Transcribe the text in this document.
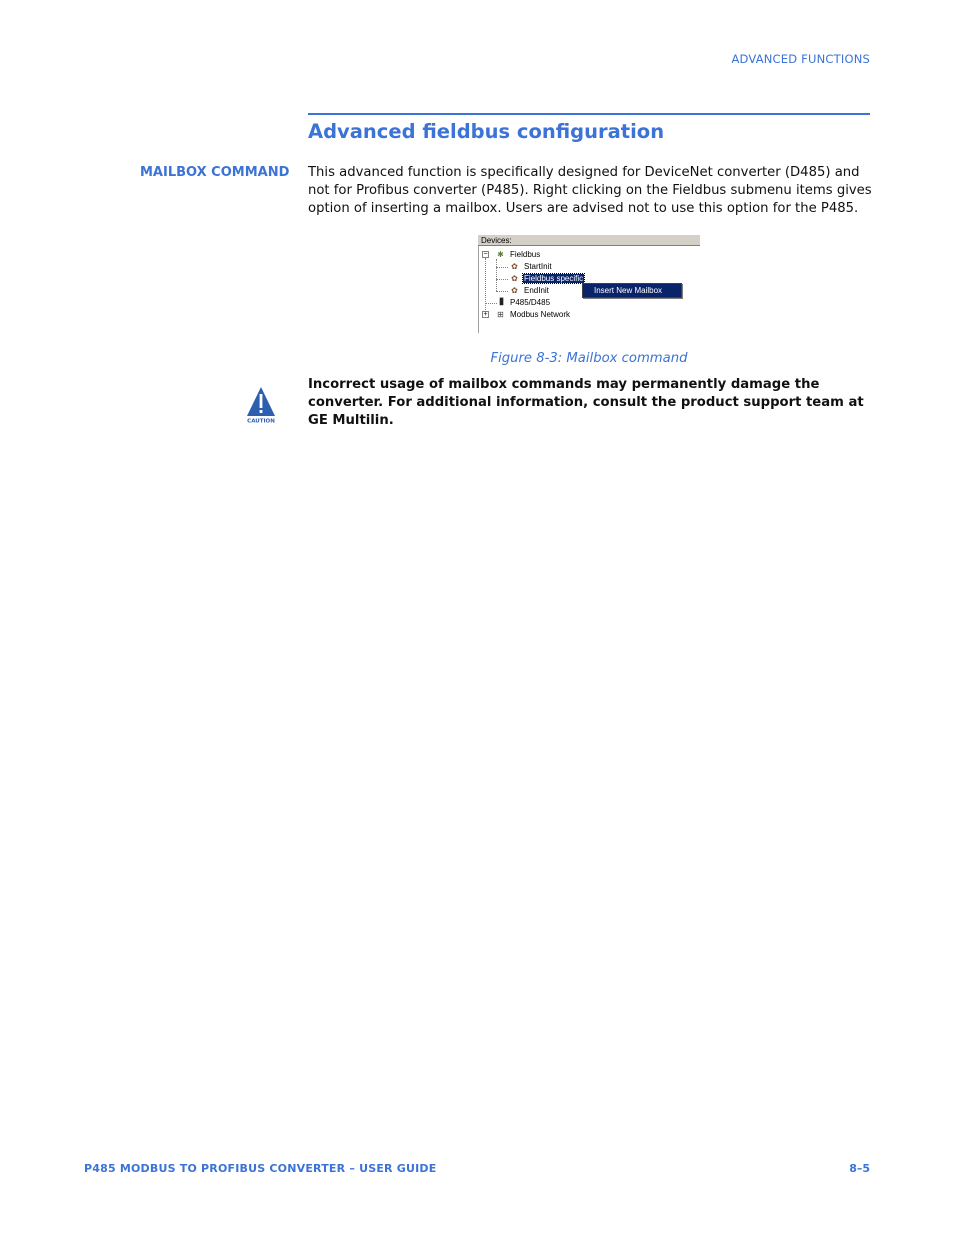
ADVANCED FUNCTIONS
Advanced fieldbus configuration
MAILBOX COMMAND This advanced function is specifically designed for DeviceNet converter (D485) and not for Profibus converter (P485). Right clicking on the Fieldbus submenu items gives option of inserting a mailbox. Users are advised not to use this option for the P485.
Devices:
− ✱ Fieldbus
✿ StartInit
✿ Fieldbus specific
✿ EndInit
▮ P485/D485
+ ⊞ Modbus Network
Insert New Mailbox
Figure 8-3: Mailbox command
CAUTION
Incorrect usage of mailbox commands may permanently damage the converter. For additional information, consult the product support team at GE Multilin.
P485 MODBUS TO PROFIBUS CONVERTER – USER GUIDE	8–5
